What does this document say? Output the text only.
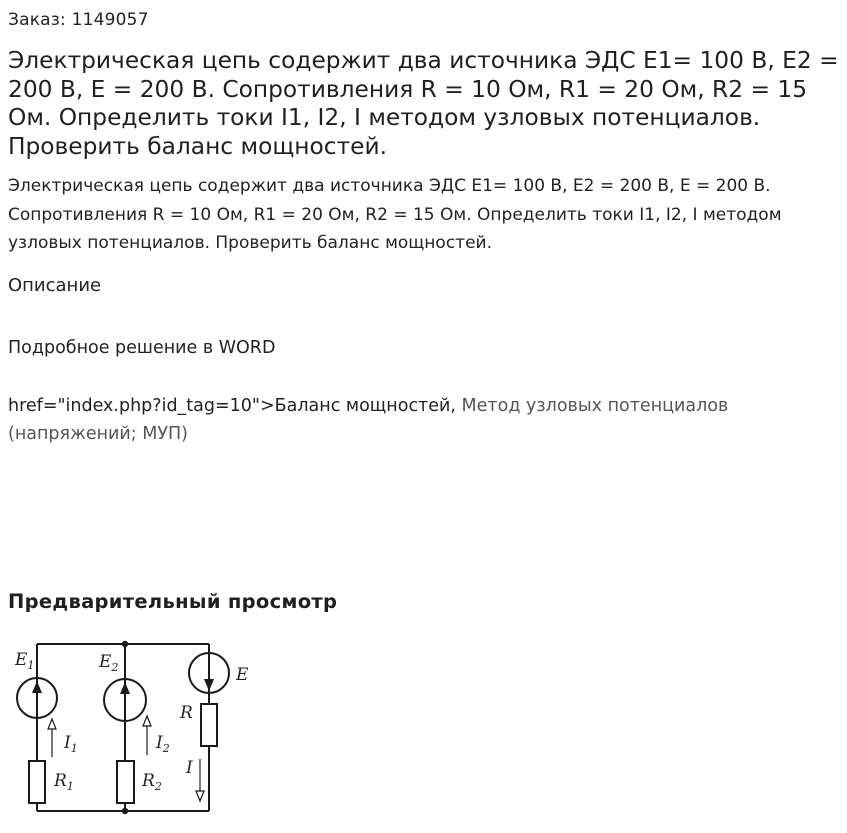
Заказ: 1149057
Электрическая цепь содержит два источника ЭДС E1= 100 В, E2 = 200 В, E = 200 В. Сопротивления R = 10 Ом, R1 = 20 Ом, R2 = 15 Ом. Определить токи I1, I2, I методом узловых потенциалов. Проверить баланс мощностей.

Электрическая цепь содержит два источника ЭДС E1= 100 В, E2 = 200 В, E = 200 В. Сопротивления R = 10 Ом, R1 = 20 Ом, R2 = 15 Ом. Определить токи I1, I2, I методом узловых потенциалов. Проверить баланс мощностей.

Описание
Подробное решение в WORD

href="index.php?id_tag=10">Баланс мощностей, Метод узловых потенциалов (напряжений; МУП)

Предварительный просмотр
$E_1$	$E_2$	E
R
$R_1$	$R_2$
$I_1$	$I_2$
I
